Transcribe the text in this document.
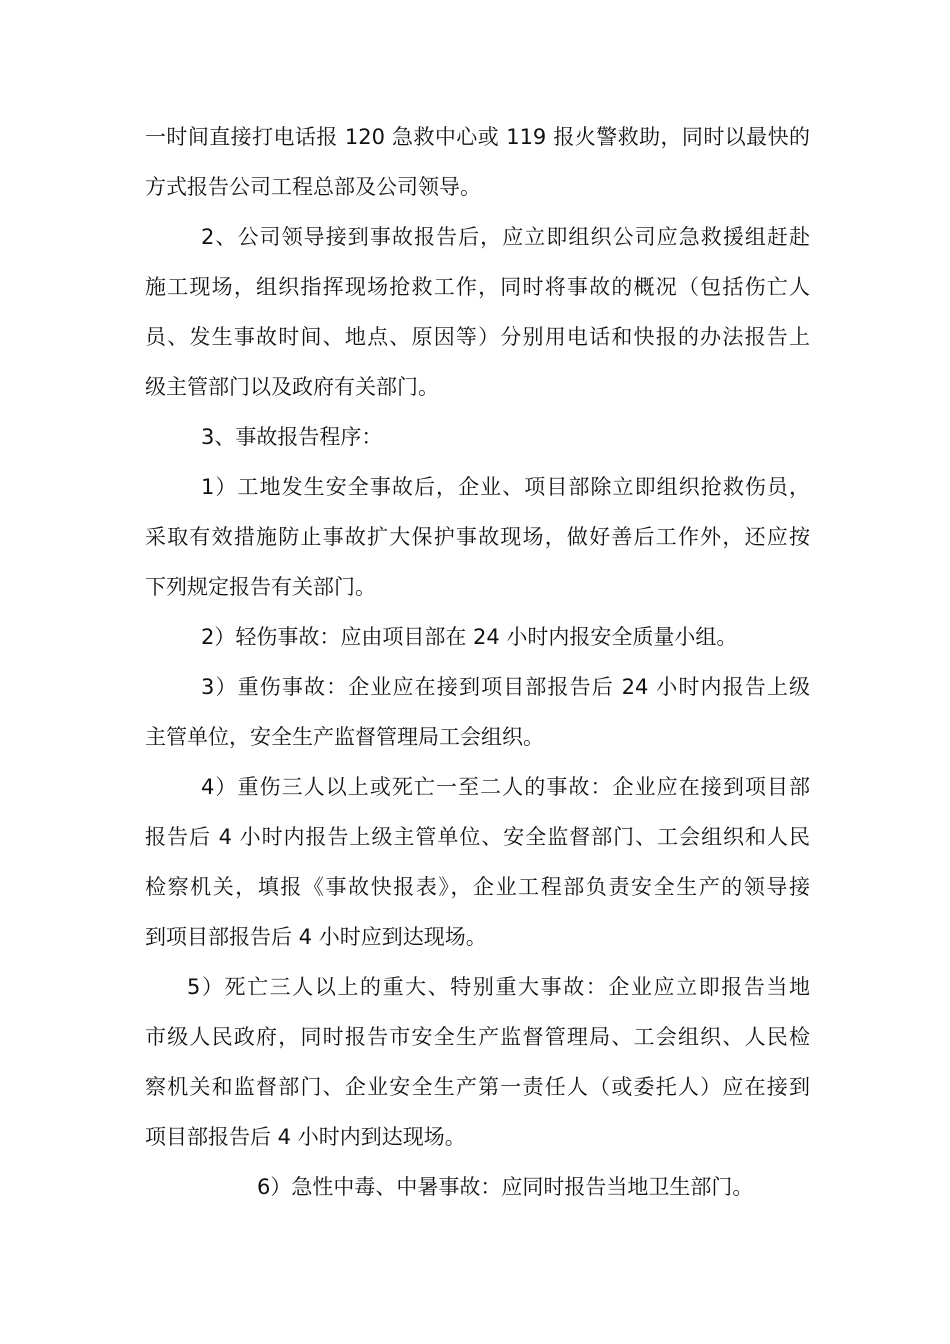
一时间直接打电话报 120 急救中心或 119 报火警救助，同时以最快的
方式报告公司工程总部及公司领导。
2、公司领导接到事故报告后，应立即组织公司应急救援组赶赴
施工现场，组织指挥现场抢救工作，同时将事故的概况（包括伤亡人
员、发生事故时间、地点、原因等）分别用电话和快报的办法报告上
级主管部门以及政府有关部门。
3、事故报告程序：
1）工地发生安全事故后，企业、项目部除立即组织抢救伤员，
采取有效措施防止事故扩大保护事故现场，做好善后工作外，还应按
下列规定报告有关部门。
2）轻伤事故：应由项目部在 24 小时内报安全质量小组。
3）重伤事故：企业应在接到项目部报告后 24 小时内报告上级
主管单位，安全生产监督管理局工会组织。
4）重伤三人以上或死亡一至二人的事故：企业应在接到项目部
报告后 4 小时内报告上级主管单位、安全监督部门、工会组织和人民
检察机关，填报《事故快报表》，企业工程部负责安全生产的领导接
到项目部报告后 4 小时应到达现场。
5）死亡三人以上的重大、特别重大事故：企业应立即报告当地
市级人民政府，同时报告市安全生产监督管理局、工会组织、人民检
察机关和监督部门、企业安全生产第一责任人（或委托人）应在接到
项目部报告后 4 小时内到达现场。
6）急性中毒、中暑事故：应同时报告当地卫生部门。
